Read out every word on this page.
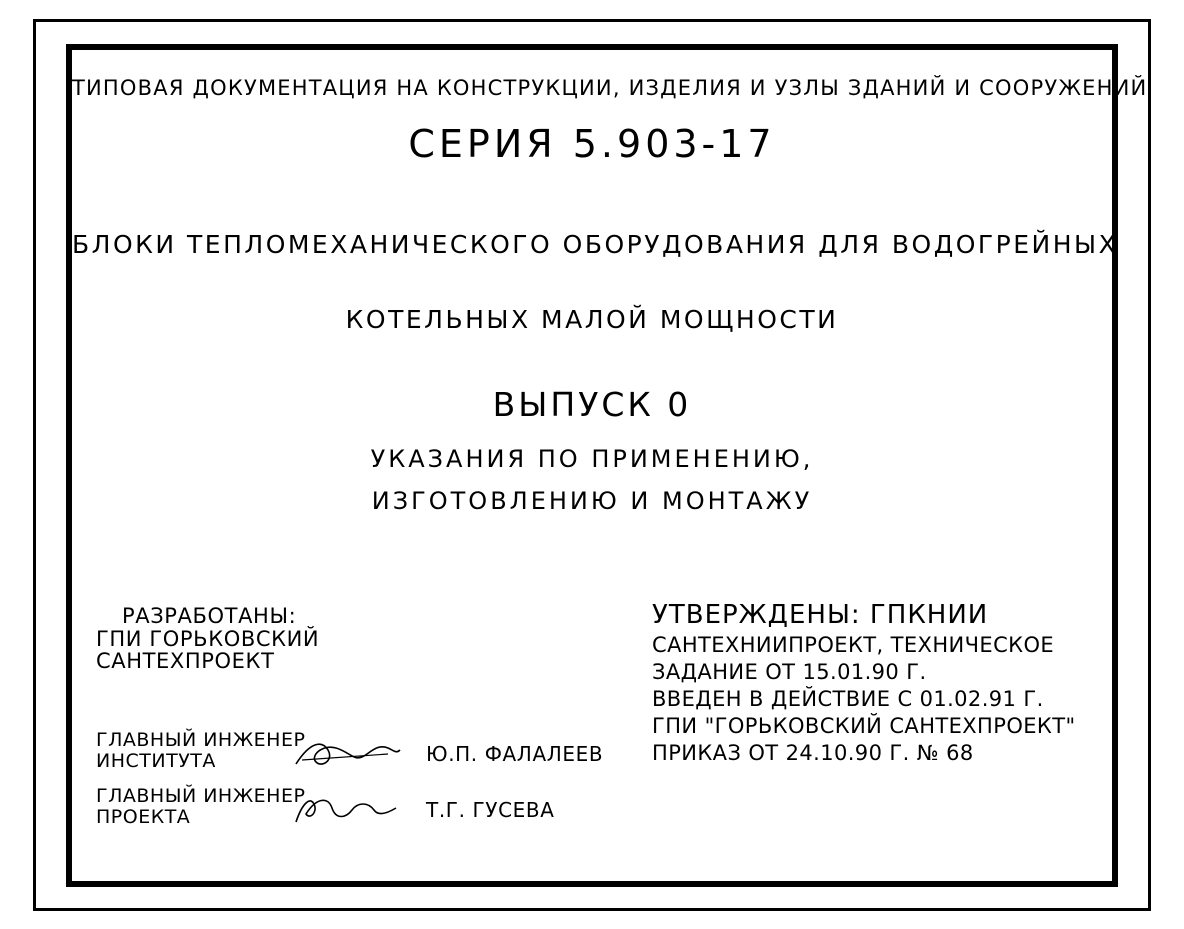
ТИПОВАЯ ДОКУМЕНТАЦИЯ НА КОНСТРУКЦИИ, ИЗДЕЛИЯ И УЗЛЫ ЗДАНИЙ И СООРУЖЕНИЙ
СЕРИЯ 5.903-17
БЛОКИ ТЕПЛОМЕХАНИЧЕСКОГО ОБОРУДОВАНИЯ ДЛЯ ВОДОГРЕЙНЫХ
КОТЕЛЬНЫХ МАЛОЙ МОЩНОСТИ
ВЫПУСК 0
УКАЗАНИЯ ПО ПРИМЕНЕНИЮ,
ИЗГОТОВЛЕНИЮ И МОНТАЖУ
РАЗРАБОТАНЫ:
ГПИ ГОРЬКОВСКИЙ
САНТЕХПРОЕКТ
ГЛАВНЫЙ ИНЖЕНЕР
ИНСТИТУТА	Ю.П. ФАЛАЛЕЕВ
ГЛАВНЫЙ ИНЖЕНЕР
ПРОЕКТА	Т.Г. ГУСЕВА
УТВЕРЖДЕНЫ: ГПКНИИ
САНТЕХНИИПРОЕКТ, ТЕХНИЧЕСКОЕ
ЗАДАНИЕ ОТ 15.01.90 Г.
ВВЕДЕН В ДЕЙСТВИЕ С 01.02.91 Г.
ГПИ "ГОРЬКОВСКИЙ САНТЕХПРОЕКТ"
ПРИКАЗ ОТ 24.10.90 Г. № 68
